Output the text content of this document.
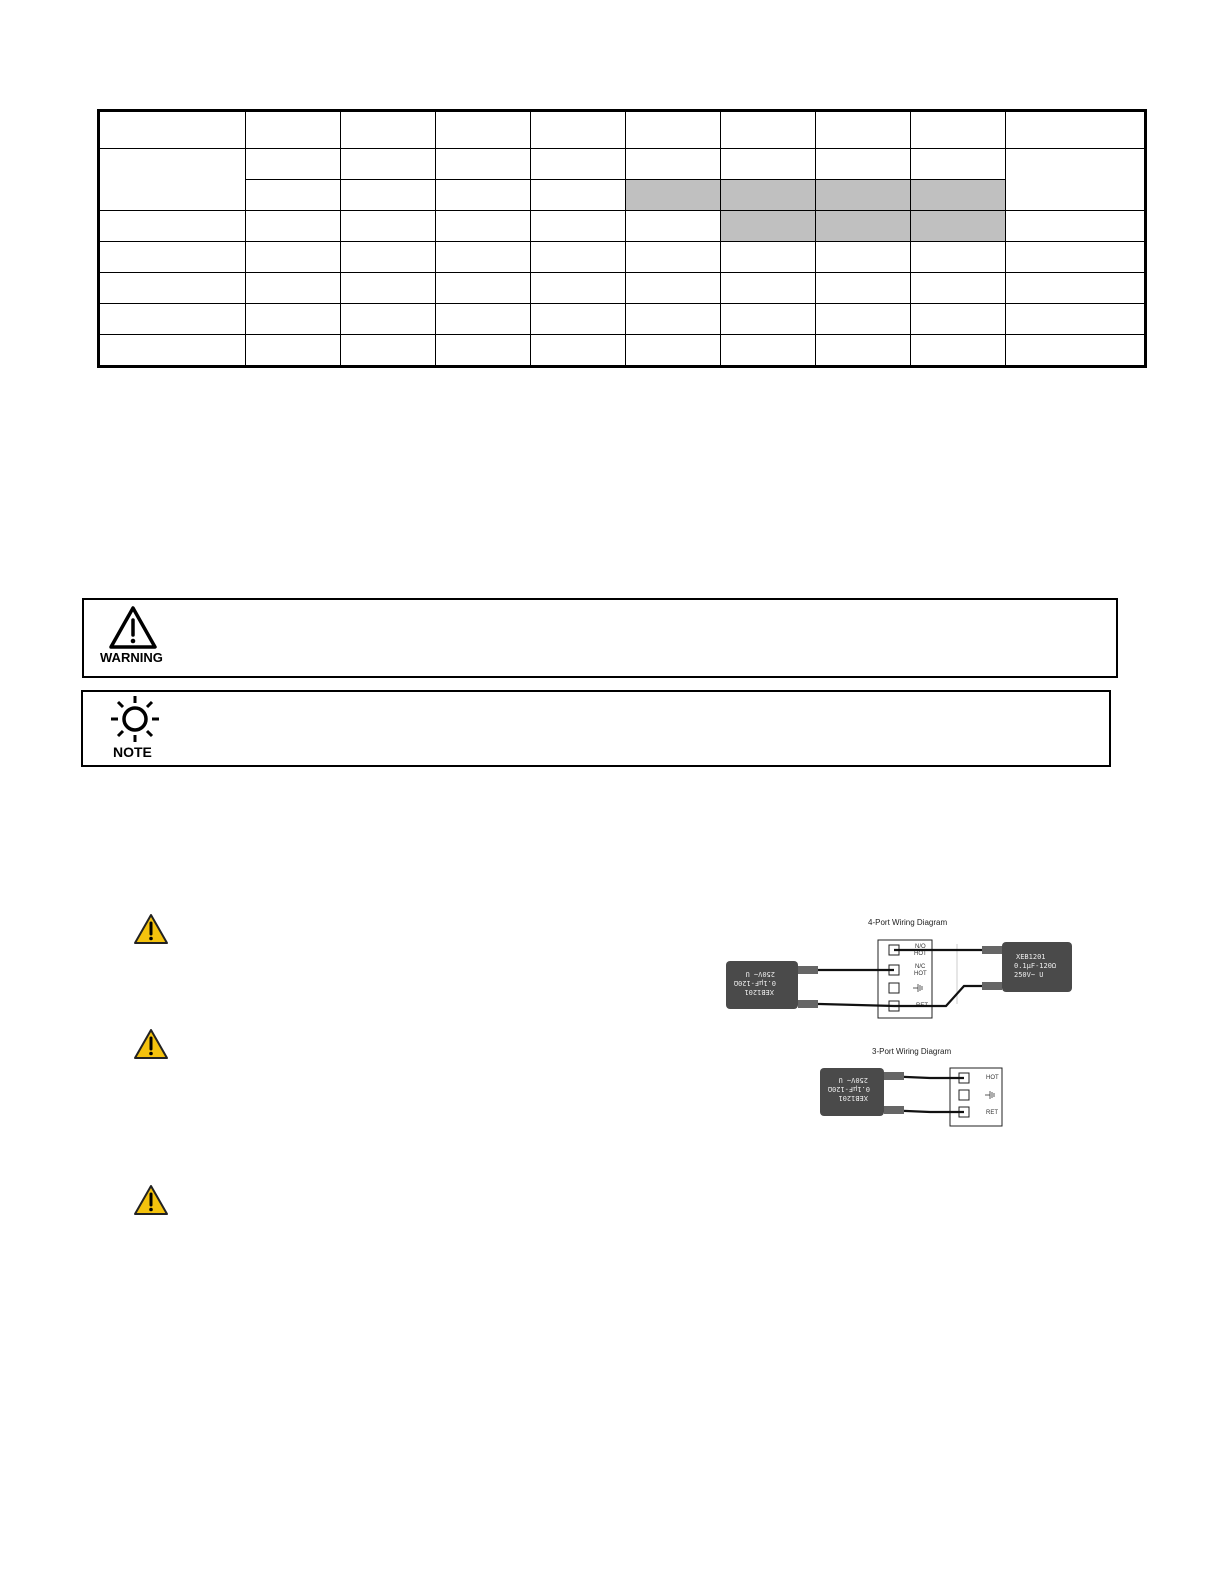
WARNING
NOTE
4-Port Wiring Diagram
N/O
HOT
N/C
HOT
RET
250V~ U
0.1µF-120Ω
XEB1201
XEB1201
0.1µF-120Ω
250V~ U
3-Port Wiring Diagram
HOT
RET
250V~ U
0.1µF-120Ω
XEB1201
